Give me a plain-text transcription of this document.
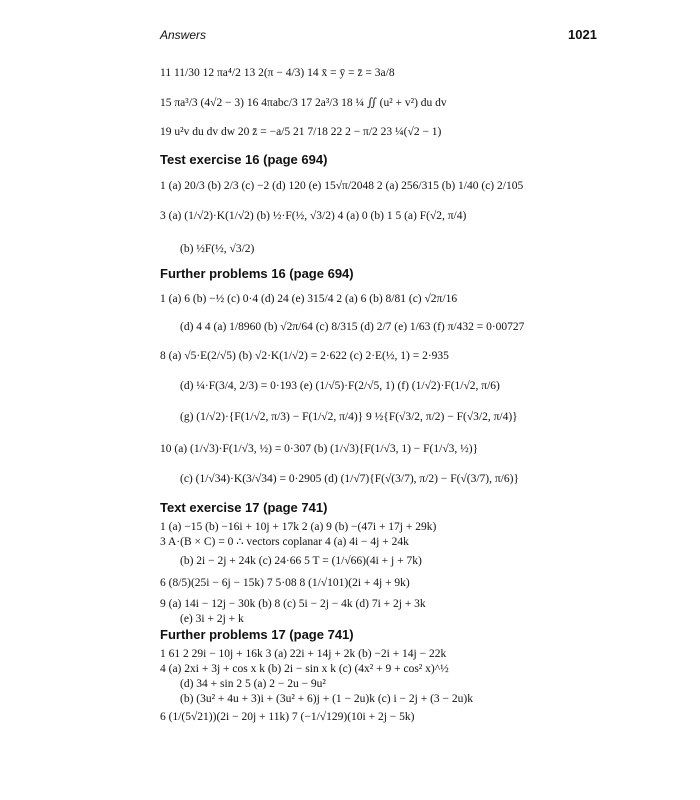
Answers	1021
11 11/30 12 πa⁴/2 13 2(π − 4/3) 14 x̄ = ȳ = z̄ = 3a/8
15 πa³/3 (4√2 − 3) 16 4πabc/3 17 2a³/3 18 ¼ ∬ (u² + v²) du dv
19 u²v du dv dw 20 z̄ = −a/5 21 7/18 22 2 − π/2 23 ¼(√2 − 1)
Test exercise 16 (page 694)
1 (a) 20/3 (b) 2/3 (c) −2 (d) 120 (e) 15√π/2048 2 (a) 256/315 (b) 1/40 (c) 2/105
3 (a) (1/√2)·K(1/√2) (b) ½·F(½, √3/2) 4 (a) 0 (b) 1 5 (a) F(√2, π/4)
(b) ½F(½, √3/2)
Further problems 16 (page 694)
1 (a) 6 (b) −½ (c) 0·4 (d) 24 (e) 315/4 2 (a) 6 (b) 8/81 (c) √2π/16
(d) 4 4 (a) 1/8960 (b) √2π/64 (c) 8/315 (d) 2/7 (e) 1/63 (f) π/432 = 0·00727
8 (a) √5·E(2/√5) (b) √2·K(1/√2) = 2·622 (c) 2·E(½, 1) = 2·935
(d) ¼·F(3/4, 2/3) = 0·193 (e) (1/√5)·F(2/√5, 1) (f) (1/√2)·F(1/√2, π/6)
(g) (1/√2)·{F(1/√2, π/3) − F(1/√2, π/4)} 9 ½{F(√3/2, π/2) − F(√3/2, π/4)}
10 (a) (1/√3)·F(1/√3, ½) = 0·307 (b) (1/√3){F(1/√3, 1) − F(1/√3, ½)}
(c) (1/√34)·K(3/√34) = 0·2905 (d) (1/√7){F(√(3/7), π/2) − F(√(3/7), π/6)}
Text exercise 17 (page 741)
1 (a) −15 (b) −16i + 10j + 17k 2 (a) 9 (b) −(47i + 17j + 29k)
3 A·(B × C) = 0 ∴ vectors coplanar 4 (a) 4i − 4j + 24k
(b) 2i − 2j + 24k (c) 24·66 5 T = (1/√66)(4i + j + 7k)
6 (8/5)(25i − 6j − 15k) 7 5·08 8 (1/√101)(2i + 4j + 9k)
9 (a) 14i − 12j − 30k (b) 8 (c) 5i − 2j − 4k (d) 7i + 2j + 3k
(e) 3i + 2j + k
Further problems 17 (page 741)
1 61 2 29i − 10j + 16k 3 (a) 22i + 14j + 2k (b) −2i + 14j − 22k
4 (a) 2xi + 3j + cos x k (b) 2i − sin x k (c) (4x² + 9 + cos² x)^½
(d) 34 + sin 2 5 (a) 2 − 2u − 9u²
(b) (3u² + 4u + 3)i + (3u² + 6)j + (1 − 2u)k (c) i − 2j + (3 − 2u)k
6 (1/(5√21))(2i − 20j + 11k) 7 (−1/√129)(10i + 2j − 5k)
